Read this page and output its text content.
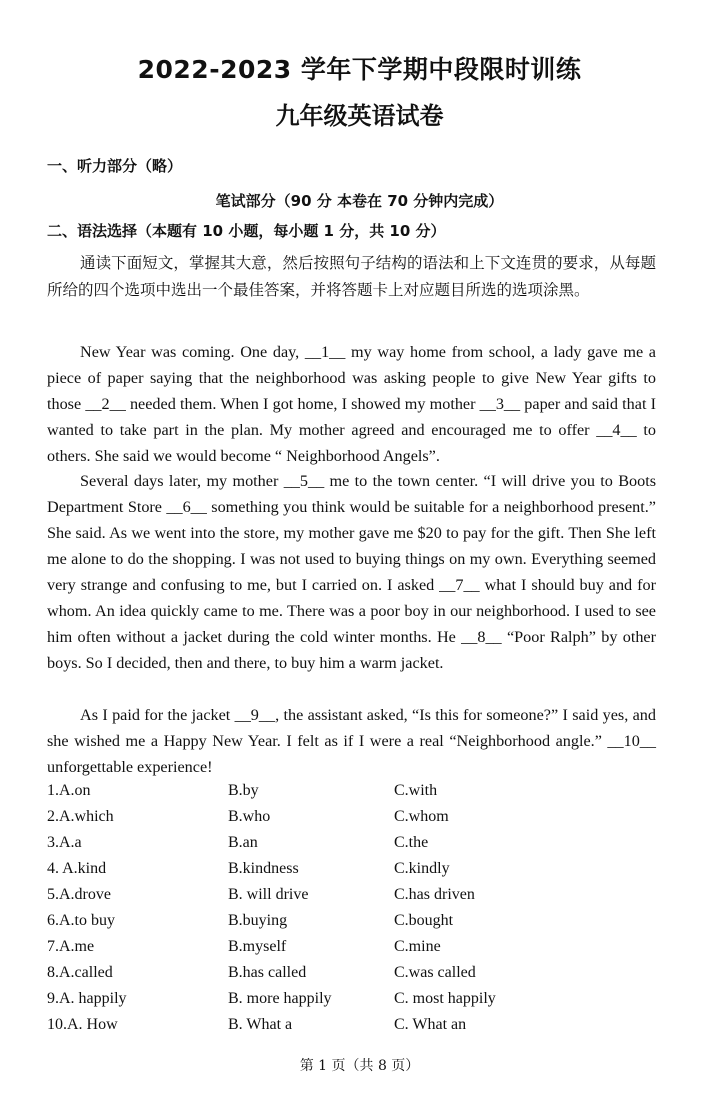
2022-2023 学年下学期中段限时训练
九年级英语试卷
一、听力部分（略）
笔试部分（90 分 本卷在 70 分钟内完成）
二、语法选择（本题有 10 小题，每小题 1 分，共 10 分）
通读下面短文，掌握其大意，然后按照句子结构的语法和上下文连贯的要求，从每题所给的四个选项中选出一个最佳答案，并将答题卡上对应题目所选的选项涂黑。
New Year was coming. One day, __1__ my way home from school, a lady gave me a piece of paper saying that the neighborhood was asking people to give New Year gifts to those __2__ needed them. When I got home, I showed my mother __3__ paper and said that I wanted to take part in the plan. My mother agreed and encouraged me to offer __4__ to others. She said we would become “ Neighborhood Angels”.
Several days later, my mother __5__ me to the town center. “I will drive you to Boots Department Store __6__ something you think would be suitable for a neighborhood present.” She said. As we went into the store, my mother gave me $20 to pay for the gift. Then She left me alone to do the shopping. I was not used to buying things on my own. Everything seemed very strange and confusing to me, but I carried on. I asked __7__ what I should buy and for whom. An idea quickly came to me. There was a poor boy in our neighborhood. I used to see him often without a jacket during the cold winter months. He __8__ “Poor Ralph” by other boys. So I decided, then and there, to buy him a warm jacket.
As I paid for the jacket __9__, the assistant asked, “Is this for someone?” I said yes, and she wished me a Happy New Year. I felt as if I were a real “Neighborhood angle.” __10__ unforgettable experience!
1.A.on	B.by	C.with
2.A.which	B.who	C.whom
3.A.a	B.an	C.the
4. A.kind	B.kindness	C.kindly
5.A.drove	B. will drive	C.has driven
6.A.to buy	B.buying	C.bought
7.A.me	B.myself	C.mine
8.A.called	B.has called	C.was called
9.A. happily	B. more happily	C. most happily
10.A. How	B. What a	C. What an
第 1 页（共 8 页）
